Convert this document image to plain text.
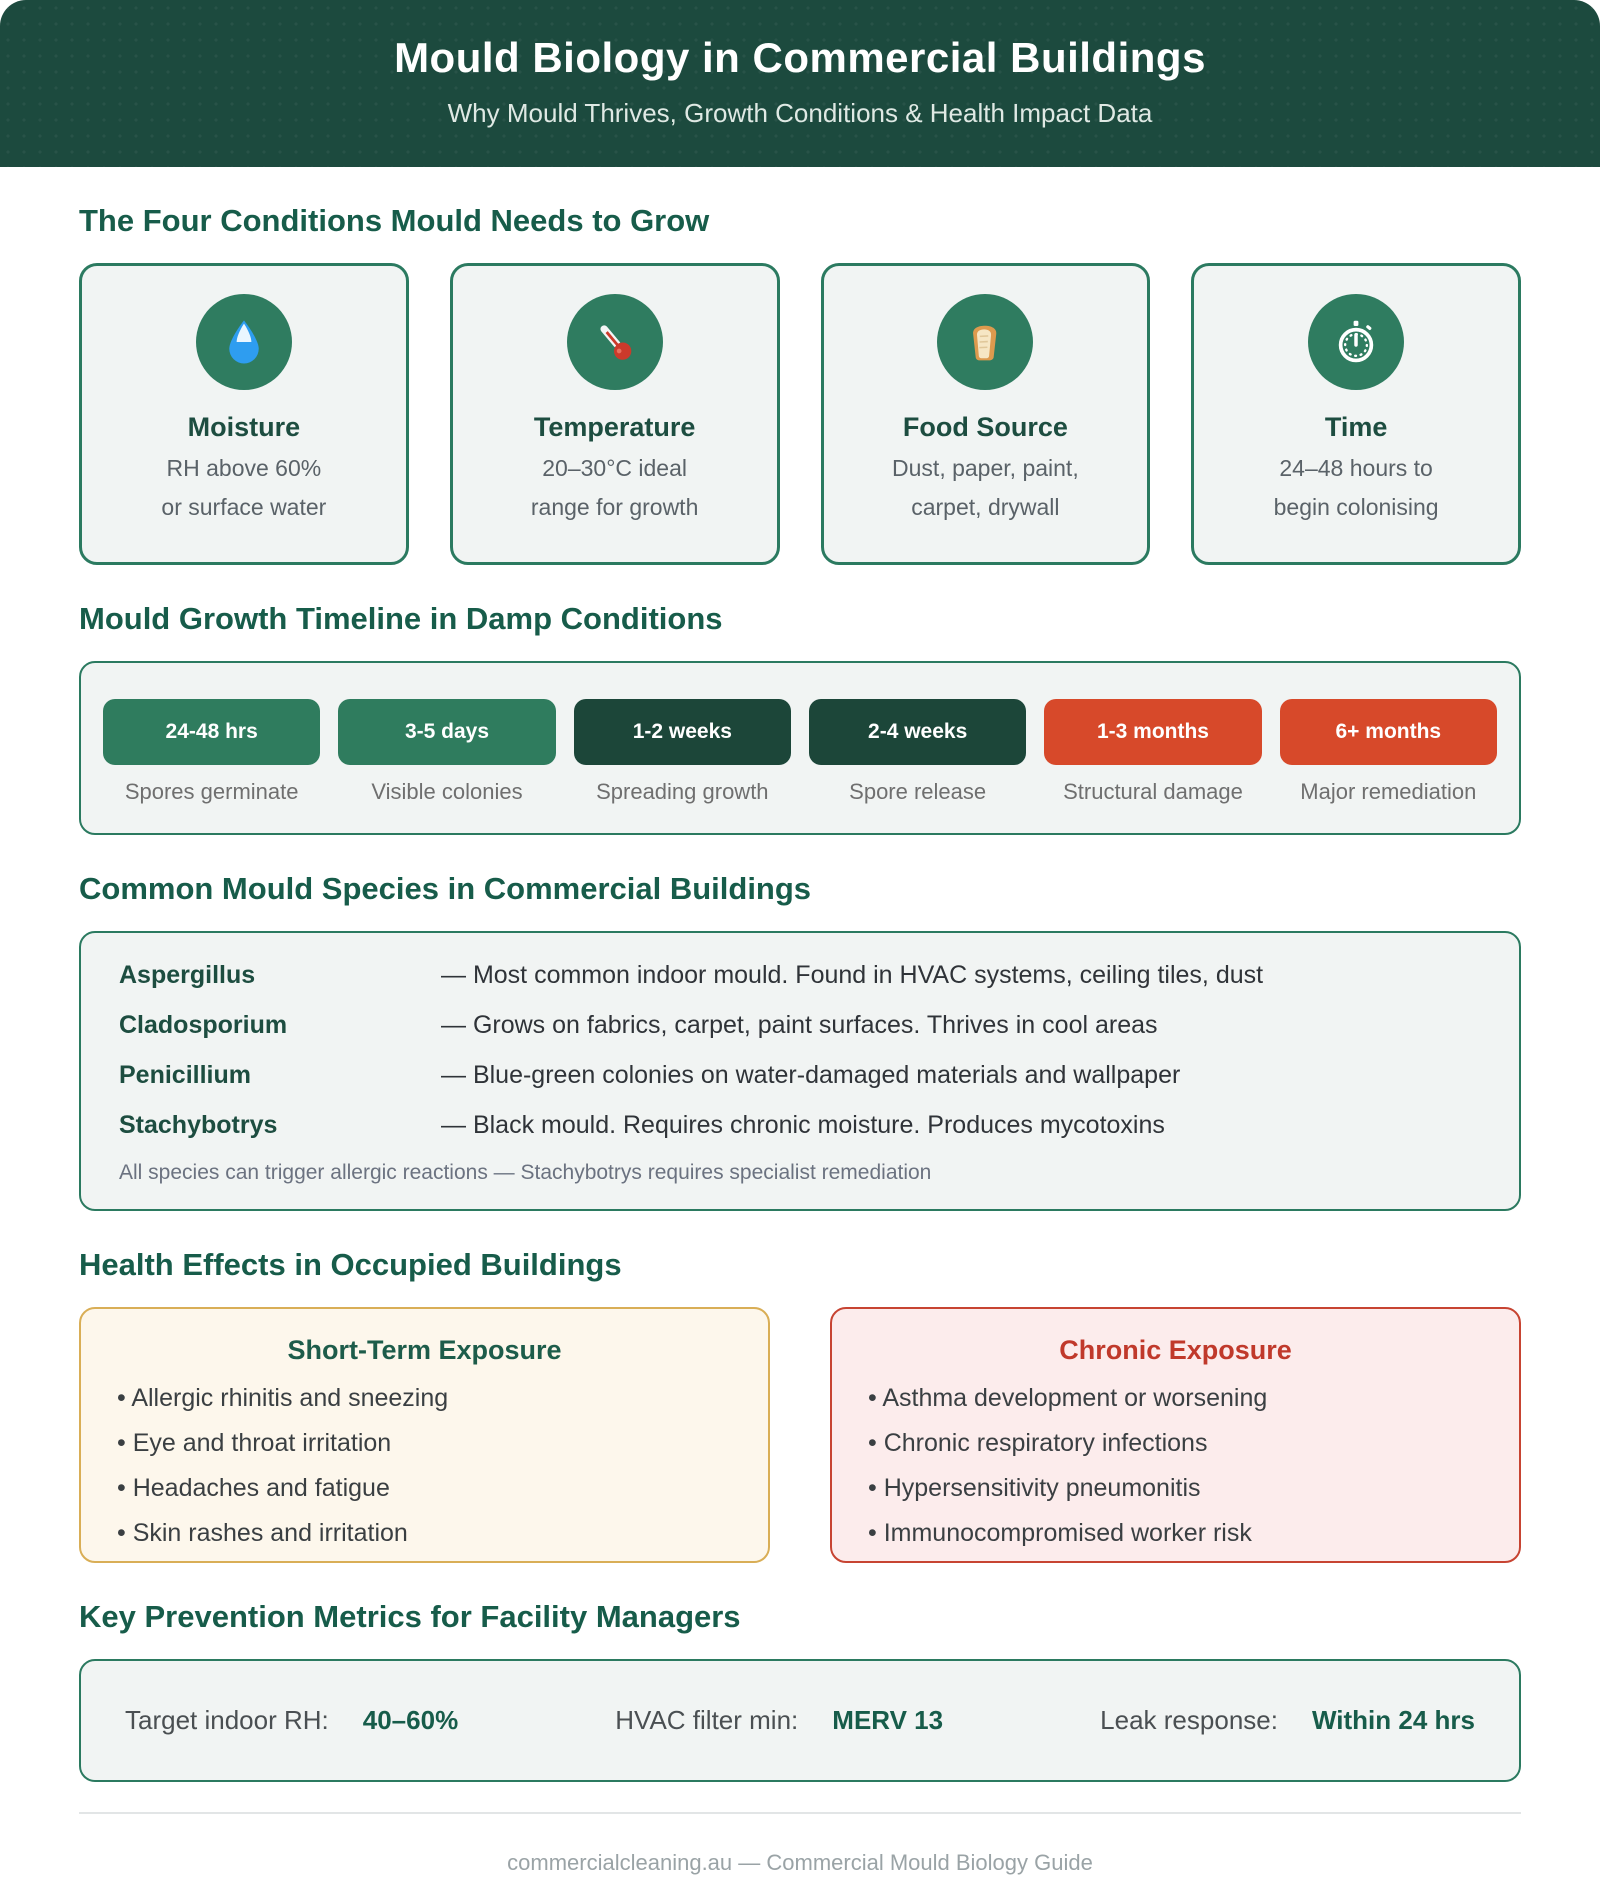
Mould Biology in Commercial Buildings
Why Mould Thrives, Growth Conditions & Health Impact Data
The Four Conditions Mould Needs to Grow
Moisture
RH above 60%
or surface water
Temperature
20–30°C ideal
range for growth
Food Source
Dust, paper, paint,
carpet, drywall
Time
24–48 hours to
begin colonising
Mould Growth Timeline in Damp Conditions
24-48 hrs
Spores germinate
3-5 days
Visible colonies
1-2 weeks
Spreading growth
2-4 weeks
Spore release
1-3 months
Structural damage
6+ months
Major remediation
Common Mould Species in Commercial Buildings
Aspergillus	— Most common indoor mould. Found in HVAC systems, ceiling tiles, dust
Cladosporium	— Grows on fabrics, carpet, paint surfaces. Thrives in cool areas
Penicillium	— Blue-green colonies on water-damaged materials and wallpaper
Stachybotrys	— Black mould. Requires chronic moisture. Produces mycotoxins
All species can trigger allergic reactions — Stachybotrys requires specialist remediation
Health Effects in Occupied Buildings
Short-Term Exposure
• Allergic rhinitis and sneezing
• Eye and throat irritation
• Headaches and fatigue
• Skin rashes and irritation
Chronic Exposure
• Asthma development or worsening
• Chronic respiratory infections
• Hypersensitivity pneumonitis
• Immunocompromised worker risk
Key Prevention Metrics for Facility Managers
Target indoor RH: 40–60%	HVAC filter min: MERV 13	Leak response: Within 24 hrs
commercialcleaning.au — Commercial Mould Biology Guide
